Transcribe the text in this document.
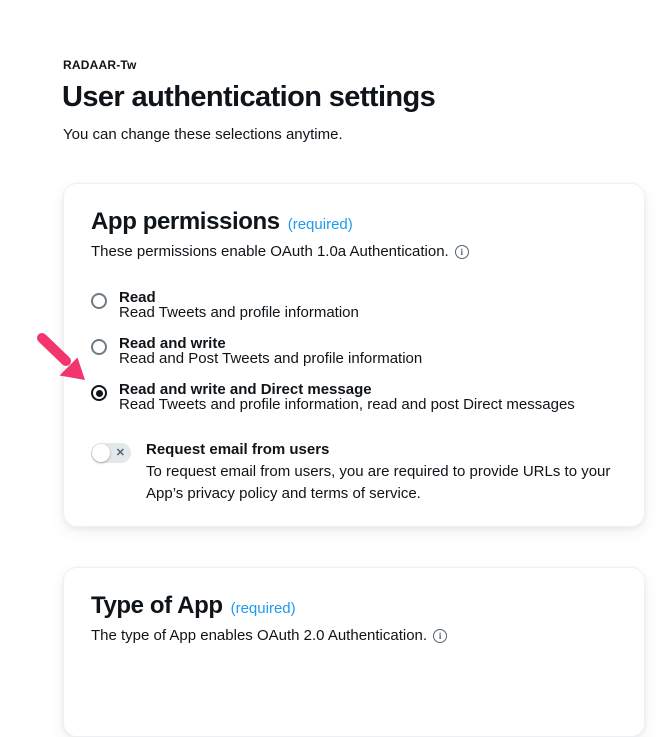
RADAAR-Tw
User authentication settings
You can change these selections anytime.
App permissions (required)
These permissions enable OAuth 1.0a Authentication.	i
Read
Read Tweets and profile information
Read and write
Read and Post Tweets and profile information
Read and write and Direct message
Read Tweets and profile information, read and post Direct messages
✕ Request email from users
To request email from users, you are required to provide URLs to your App’s privacy policy and terms of service.
Type of App (required)
The type of App enables OAuth 2.0 Authentication.	i
